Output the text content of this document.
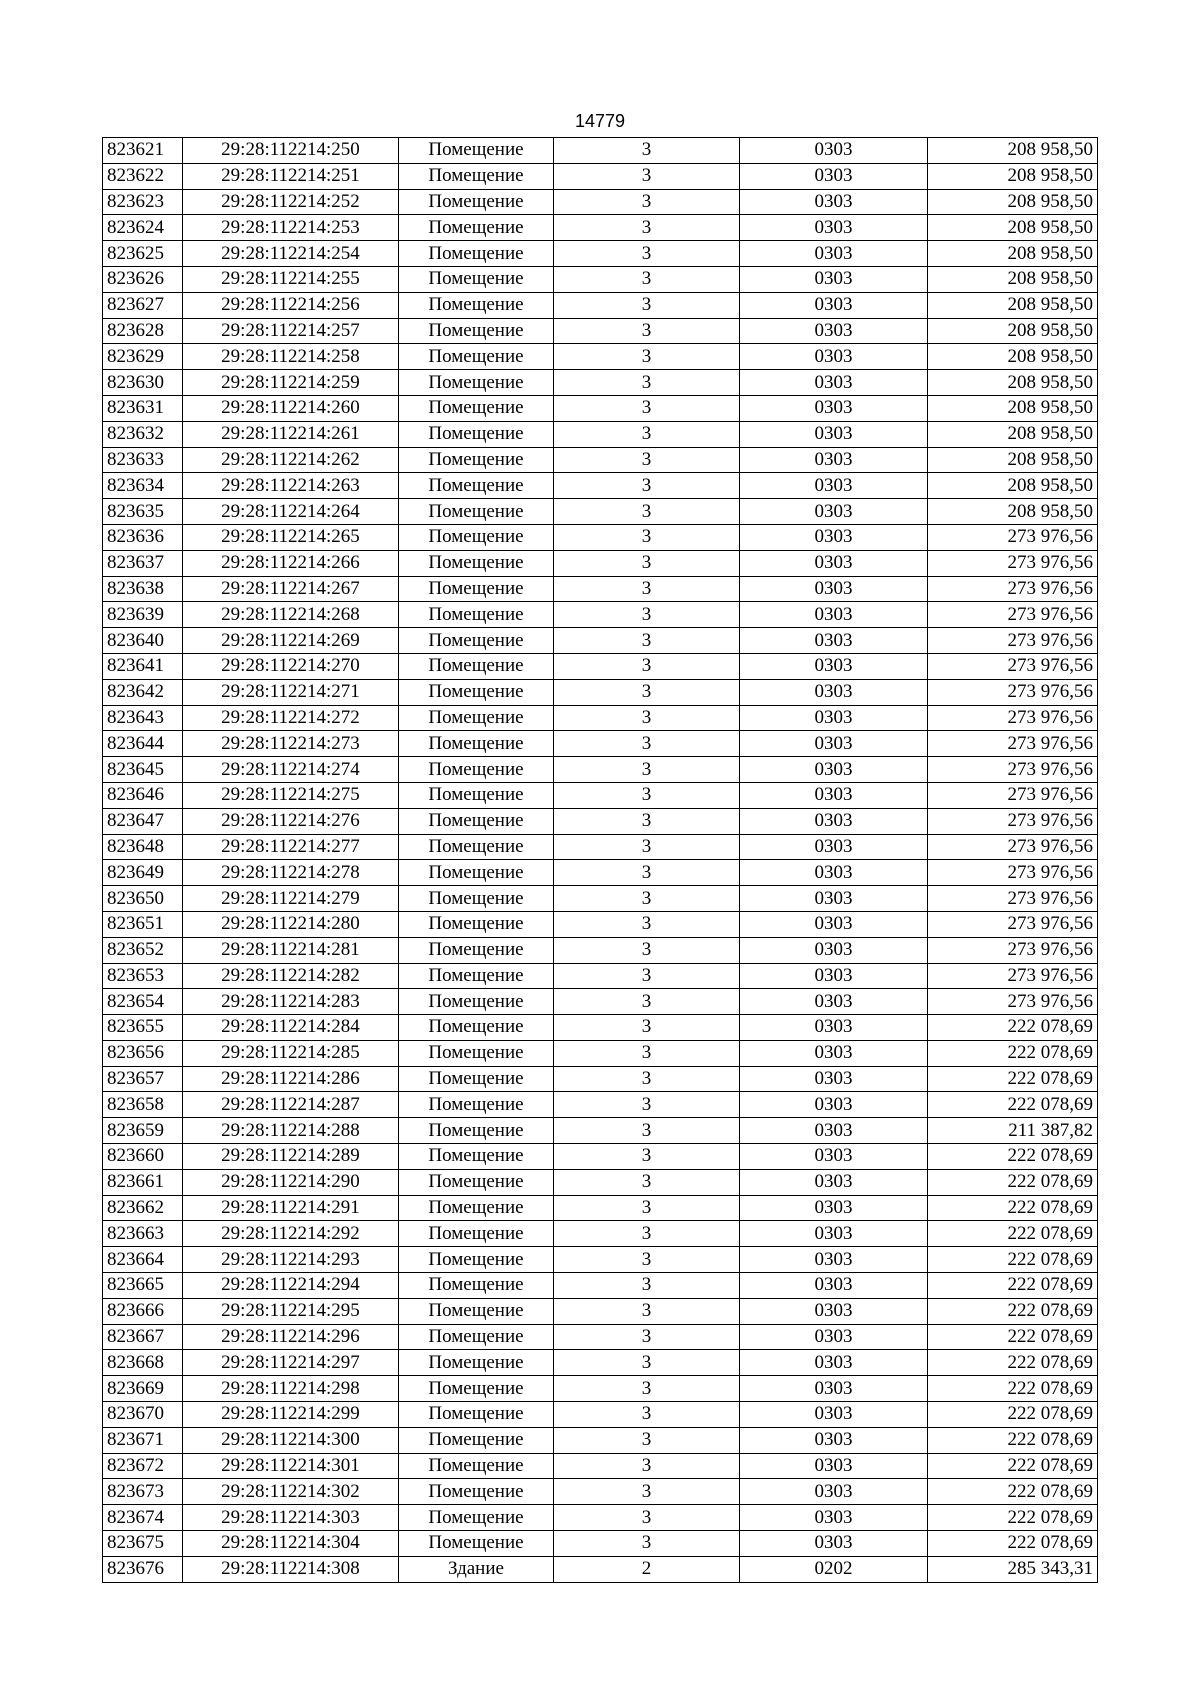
14779
823621	29:28:112214:250	Помещение	3	0303	208 958,50
823622	29:28:112214:251	Помещение	3	0303	208 958,50
823623	29:28:112214:252	Помещение	3	0303	208 958,50
823624	29:28:112214:253	Помещение	3	0303	208 958,50
823625	29:28:112214:254	Помещение	3	0303	208 958,50
823626	29:28:112214:255	Помещение	3	0303	208 958,50
823627	29:28:112214:256	Помещение	3	0303	208 958,50
823628	29:28:112214:257	Помещение	3	0303	208 958,50
823629	29:28:112214:258	Помещение	3	0303	208 958,50
823630	29:28:112214:259	Помещение	3	0303	208 958,50
823631	29:28:112214:260	Помещение	3	0303	208 958,50
823632	29:28:112214:261	Помещение	3	0303	208 958,50
823633	29:28:112214:262	Помещение	3	0303	208 958,50
823634	29:28:112214:263	Помещение	3	0303	208 958,50
823635	29:28:112214:264	Помещение	3	0303	208 958,50
823636	29:28:112214:265	Помещение	3	0303	273 976,56
823637	29:28:112214:266	Помещение	3	0303	273 976,56
823638	29:28:112214:267	Помещение	3	0303	273 976,56
823639	29:28:112214:268	Помещение	3	0303	273 976,56
823640	29:28:112214:269	Помещение	3	0303	273 976,56
823641	29:28:112214:270	Помещение	3	0303	273 976,56
823642	29:28:112214:271	Помещение	3	0303	273 976,56
823643	29:28:112214:272	Помещение	3	0303	273 976,56
823644	29:28:112214:273	Помещение	3	0303	273 976,56
823645	29:28:112214:274	Помещение	3	0303	273 976,56
823646	29:28:112214:275	Помещение	3	0303	273 976,56
823647	29:28:112214:276	Помещение	3	0303	273 976,56
823648	29:28:112214:277	Помещение	3	0303	273 976,56
823649	29:28:112214:278	Помещение	3	0303	273 976,56
823650	29:28:112214:279	Помещение	3	0303	273 976,56
823651	29:28:112214:280	Помещение	3	0303	273 976,56
823652	29:28:112214:281	Помещение	3	0303	273 976,56
823653	29:28:112214:282	Помещение	3	0303	273 976,56
823654	29:28:112214:283	Помещение	3	0303	273 976,56
823655	29:28:112214:284	Помещение	3	0303	222 078,69
823656	29:28:112214:285	Помещение	3	0303	222 078,69
823657	29:28:112214:286	Помещение	3	0303	222 078,69
823658	29:28:112214:287	Помещение	3	0303	222 078,69
823659	29:28:112214:288	Помещение	3	0303	211 387,82
823660	29:28:112214:289	Помещение	3	0303	222 078,69
823661	29:28:112214:290	Помещение	3	0303	222 078,69
823662	29:28:112214:291	Помещение	3	0303	222 078,69
823663	29:28:112214:292	Помещение	3	0303	222 078,69
823664	29:28:112214:293	Помещение	3	0303	222 078,69
823665	29:28:112214:294	Помещение	3	0303	222 078,69
823666	29:28:112214:295	Помещение	3	0303	222 078,69
823667	29:28:112214:296	Помещение	3	0303	222 078,69
823668	29:28:112214:297	Помещение	3	0303	222 078,69
823669	29:28:112214:298	Помещение	3	0303	222 078,69
823670	29:28:112214:299	Помещение	3	0303	222 078,69
823671	29:28:112214:300	Помещение	3	0303	222 078,69
823672	29:28:112214:301	Помещение	3	0303	222 078,69
823673	29:28:112214:302	Помещение	3	0303	222 078,69
823674	29:28:112214:303	Помещение	3	0303	222 078,69
823675	29:28:112214:304	Помещение	3	0303	222 078,69
823676	29:28:112214:308	Здание	2	0202	285 343,31
